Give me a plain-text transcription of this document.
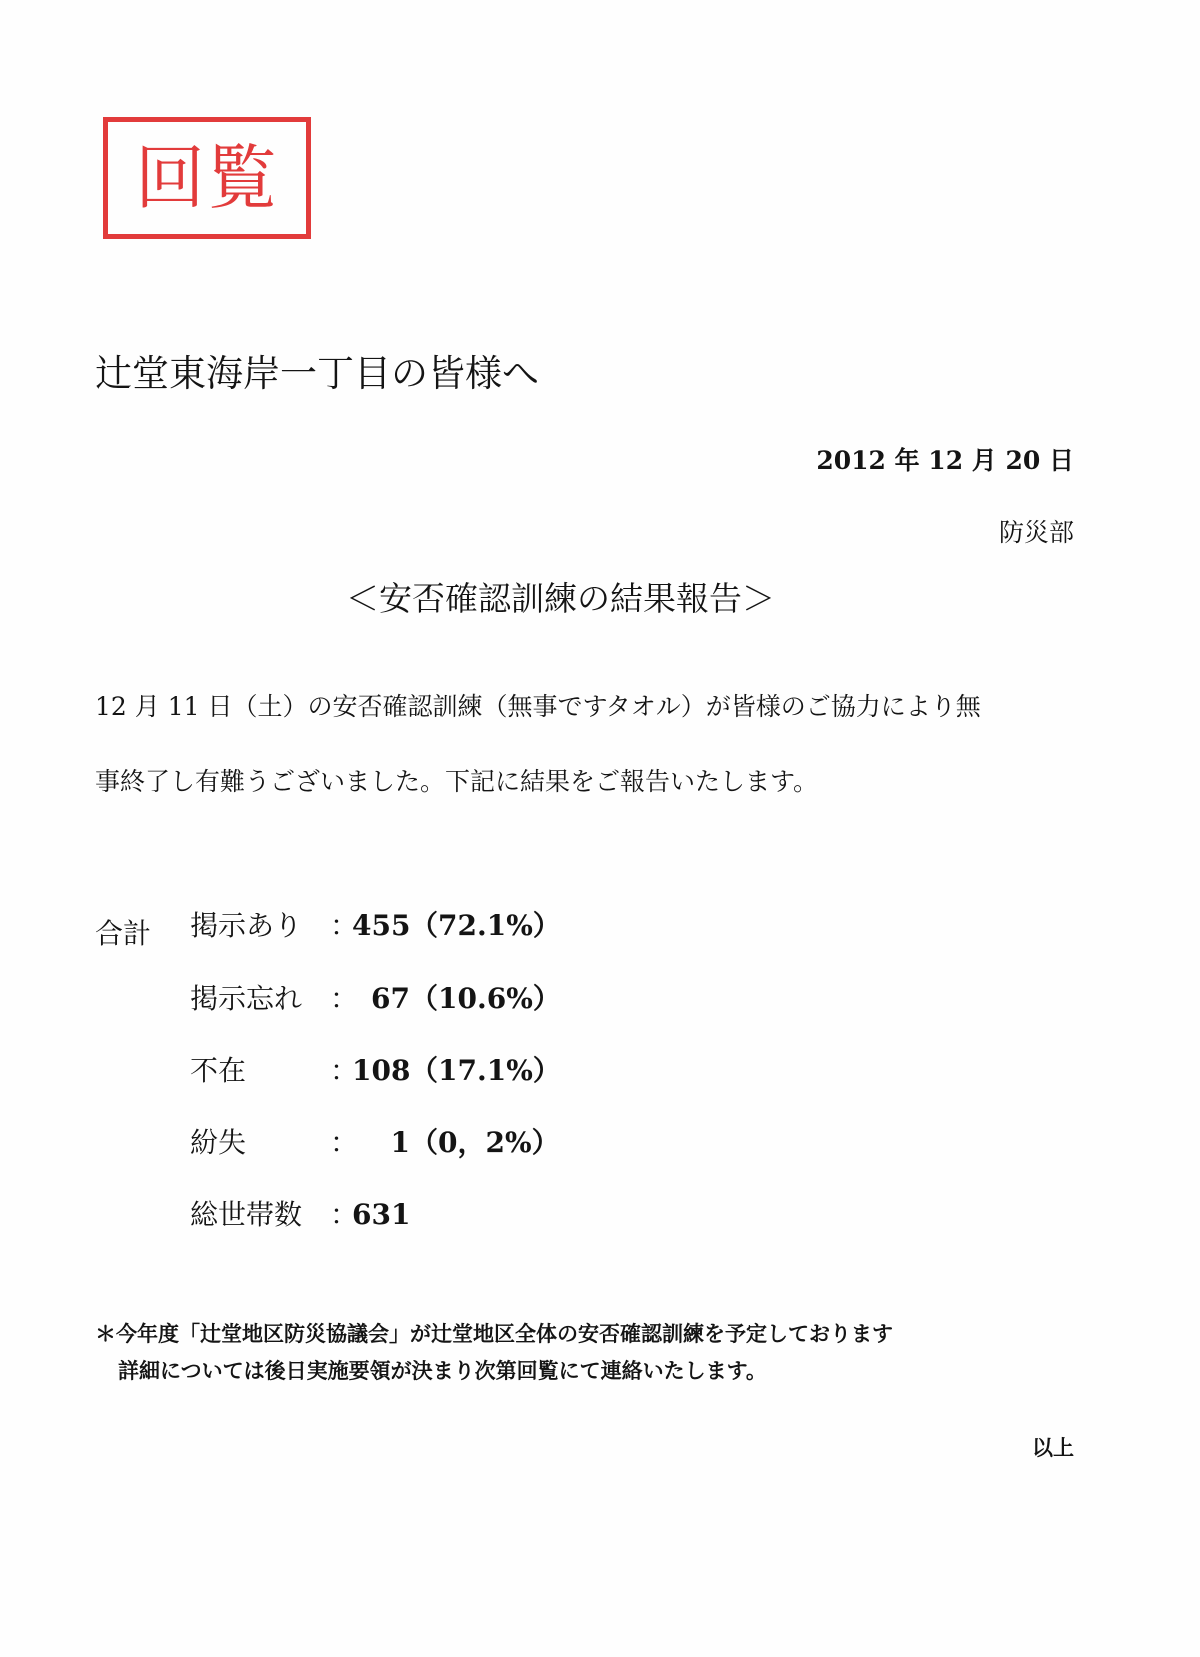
回覧
辻堂東海岸一丁目の皆様へ
2012 年 12 月 20 日
防災部
＜安否確認訓練の結果報告＞
12 月 11 日（土）の安否確認訓練（無事ですタオル）が皆様のご協力により無
事終了し有難うございました。下記に結果をご報告いたします。
合計 掲示あり ：455（72.1%）
掲示忘れ ： 67（10.6%）
不在	：108（17.1%）
紛失	： 1（0，2%）
総世帯数 ：631
＊今年度「辻堂地区防災協議会」が辻堂地区全体の安否確認訓練を予定しております
詳細については後日実施要領が決まり次第回覧にて連絡いたします。
以上
